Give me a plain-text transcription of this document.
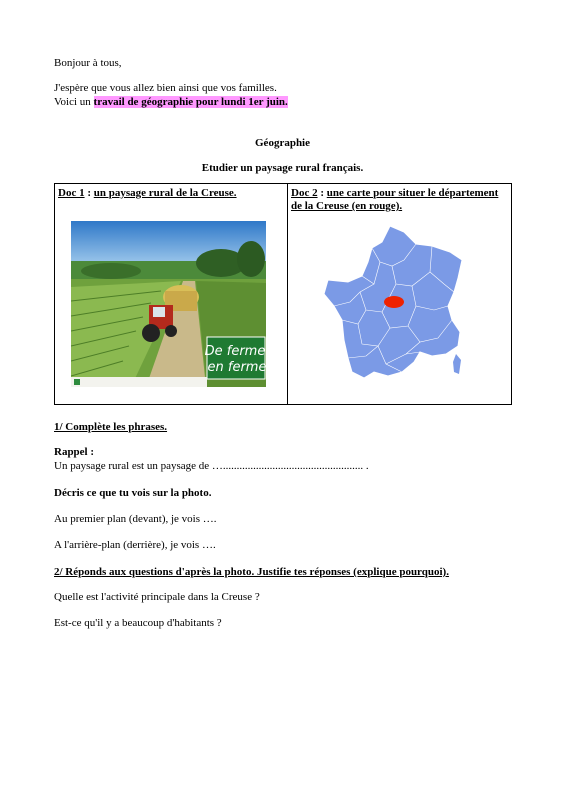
Bonjour à tous,
J'espère que vous allez bien ainsi que vos familles.
Voici un travail de géographie pour lundi 1er juin.
Géographie
Etudier un paysage rural français.
Doc 1 : un paysage rural de la Creuse.	Doc 2 : une carte pour situer le département
de la Creuse (en rouge).
De ferme
en ferme
1/ Complète les phrases.
Rappel :
Un paysage rural est un paysage de …................................................... .
Décris ce que tu vois sur la photo.
Au premier plan (devant), je vois ….
A l'arrière-plan (derrière), je vois ….
2/ Réponds aux questions d'après la photo. Justifie tes réponses (explique pourquoi).
Quelle est l'activité principale dans la Creuse ?
Est-ce qu'il y a beaucoup d'habitants ?
